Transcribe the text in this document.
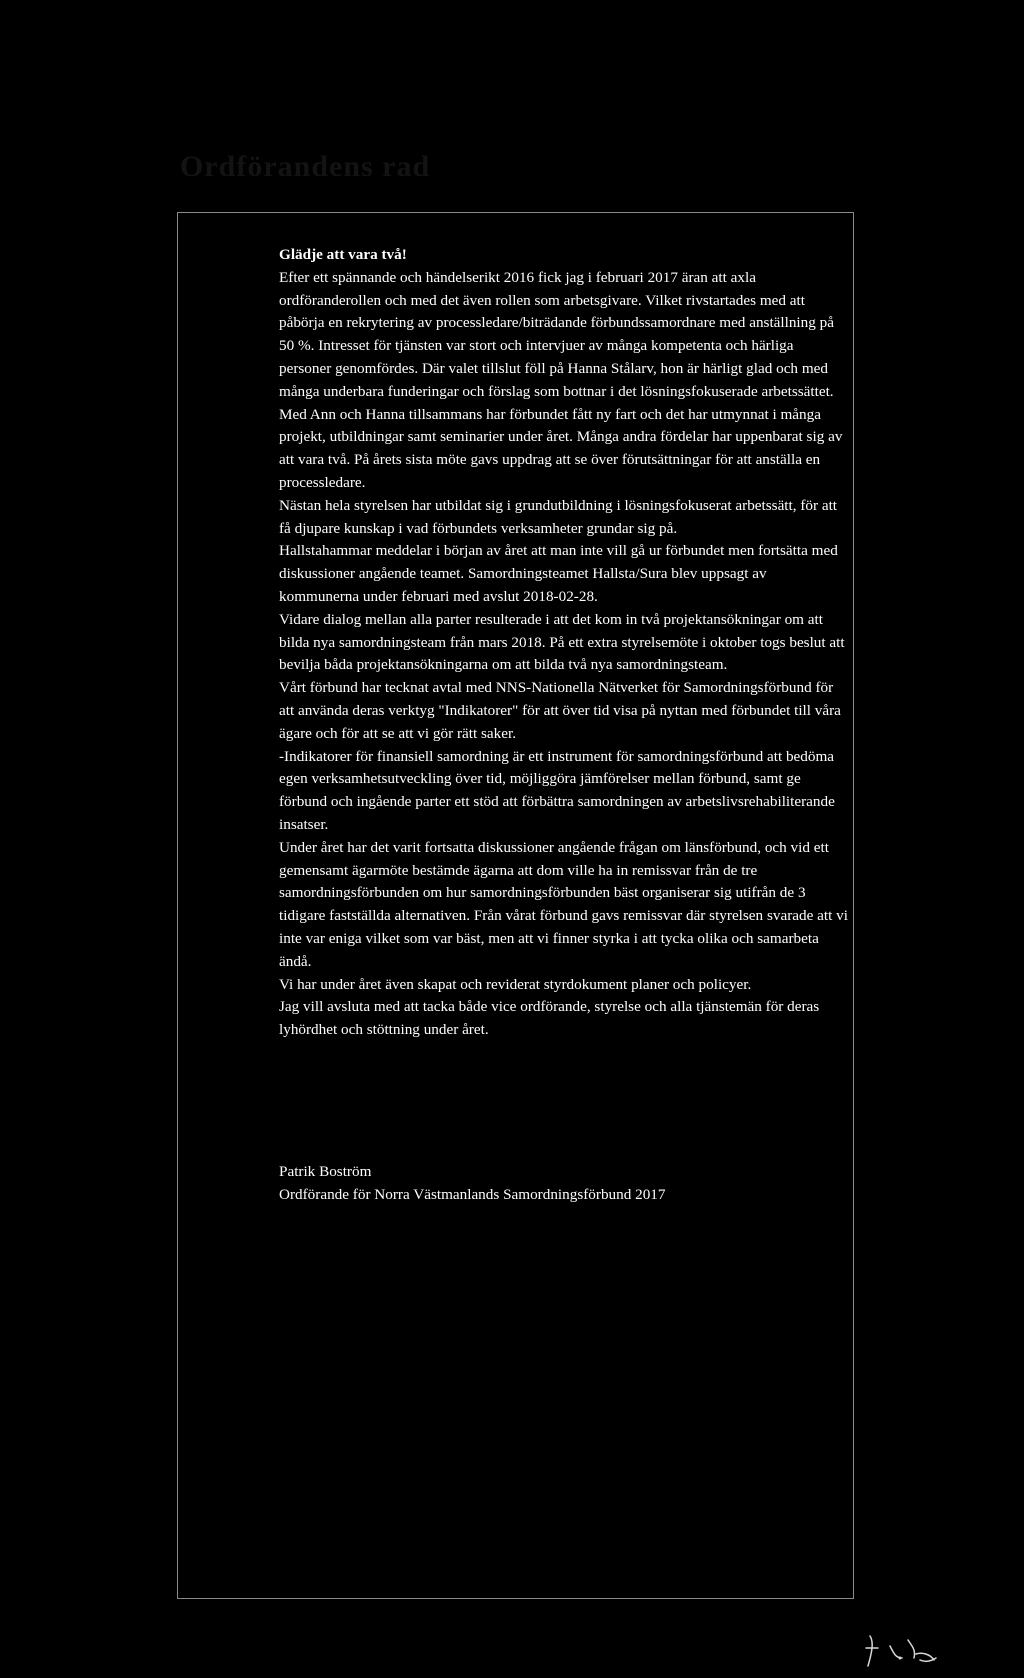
Ordförandens rad

Glädje att vara två!

Efter ett spännande och händelserikt 2016 fick jag i februari 2017 äran att axla ordföranderollen och med det även rollen som arbetsgivare. Vilket rivstartades med att påbörja en rekrytering av processledare/biträdande förbundssamordnare med anställning på 50 %. Intresset för tjänsten var stort och intervjuer av många kompetenta och härliga personer genomfördes. Där valet tillslut föll på Hanna Stålarv, hon är härligt glad och med många underbara funderingar och förslag som bottnar i det lösningsfokuserade arbetssättet.

Med Ann och Hanna tillsammans har förbundet fått ny fart och det har utmynnat i många projekt, utbildningar samt seminarier under året. Många andra fördelar har uppenbarat sig av att vara två. På årets sista möte gavs uppdrag att se över förutsättningar för att anställa en processledare.

Nästan hela styrelsen har utbildat sig i grundutbildning i lösningsfokuserat arbetssätt, för att få djupare kunskap i vad förbundets verksamheter grundar sig på.

Hallstahammar meddelar i början av året att man inte vill gå ur förbundet men fortsätta med diskussioner angående teamet. Samordningsteamet Hallsta/Sura blev uppsagt av kommunerna under februari med avslut 2018-02-28.

Vidare dialog mellan alla parter resulterade i att det kom in två projektansökningar om att bilda nya samordningsteam från mars 2018. På ett extra styrelsemöte i oktober togs beslut att bevilja båda projektansökningarna om att bilda två nya samordningsteam.

Vårt förbund har tecknat avtal med NNS-Nationella Nätverket för Samordningsförbund för att använda deras verktyg "Indikatorer" för att över tid visa på nyttan med förbundet till våra ägare och för att se att vi gör rätt saker.

-Indikatorer för finansiell samordning är ett instrument för samordningsförbund att bedöma egen verksamhetsutveckling över tid, möjliggöra jämförelser mellan förbund, samt ge förbund och ingående parter ett stöd att förbättra samordningen av arbetslivsrehabiliterande insatser.

Under året har det varit fortsatta diskussioner angående frågan om länsförbund, och vid ett gemensamt ägarmöte bestämde ägarna att dom ville ha in remissvar från de tre samordningsförbunden om hur samordningsförbunden bäst organiserar sig utifrån de 3 tidigare fastställda alternativen. Från vårat förbund gavs remissvar där styrelsen svarade att vi inte var eniga vilket som var bäst, men att vi finner styrka i att tycka olika och samarbeta ändå.

Vi har under året även skapat och reviderat styrdokument planer och policyer.

Jag vill avsluta med att tacka både vice ordförande, styrelse och alla tjänstemän för deras lyhördhet och stöttning under året.

Patrik Boström

Ordförande för Norra Västmanlands Samordningsförbund 2017
